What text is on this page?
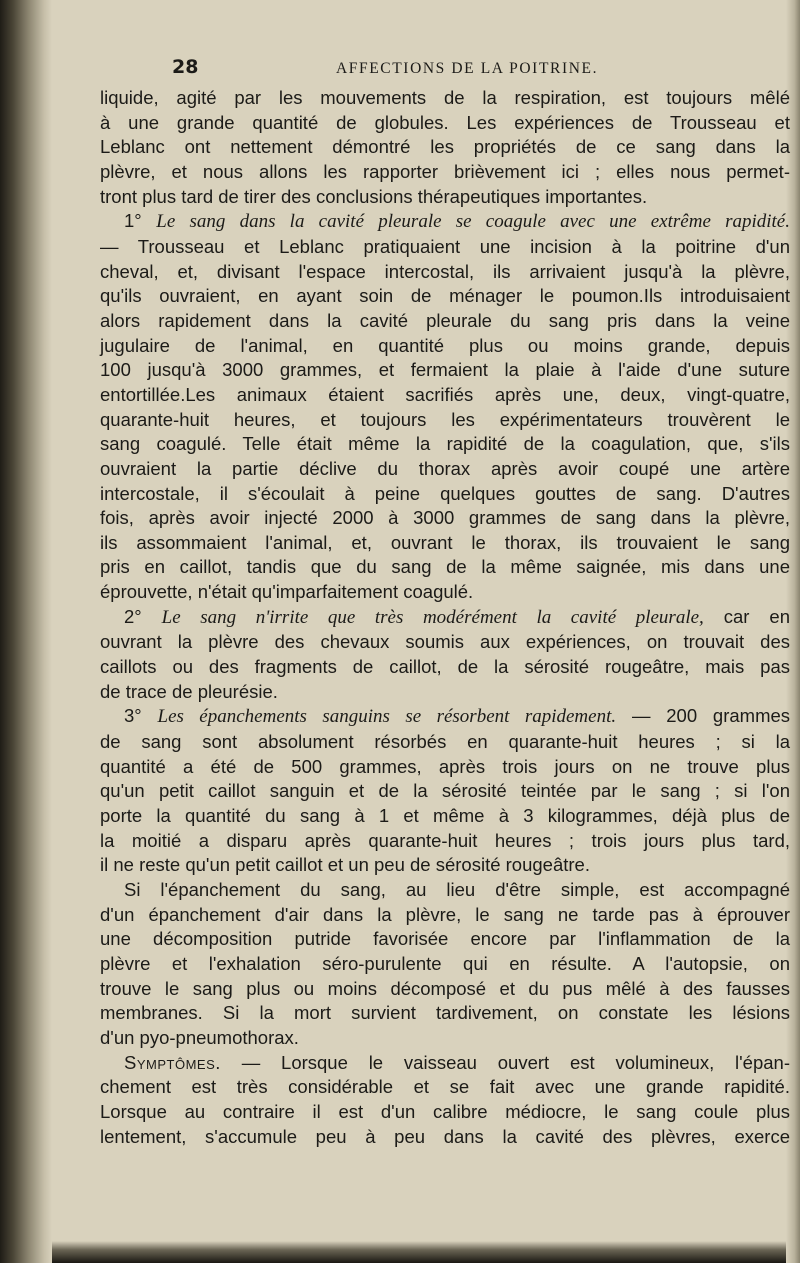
28	AFFECTIONS DE LA POITRINE.
liquide, agité par les mouvements de la respiration, est toujours mêlé
à une grande quantité de globules. Les expériences de Trousseau et
Leblanc ont nettement démontré les propriétés de ce sang dans la
plèvre, et nous allons les rapporter brièvement ici ; elles nous permet-
tront plus tard de tirer des conclusions thérapeutiques importantes.
1° Le sang dans la cavité pleurale se coagule avec une extrême rapidité.
— Trousseau et Leblanc pratiquaient une incision à la poitrine d'un
cheval, et, divisant l'espace intercostal, ils arrivaient jusqu'à la plèvre,
qu'ils ouvraient, en ayant soin de ménager le poumon.Ils introduisaient
alors rapidement dans la cavité pleurale du sang pris dans la veine
jugulaire de l'animal, en quantité plus ou moins grande, depuis
100 jusqu'à 3000 grammes, et fermaient la plaie à l'aide d'une suture
entortillée.Les animaux étaient sacrifiés après une, deux, vingt-quatre,
quarante-huit heures, et toujours les expérimentateurs trouvèrent le
sang coagulé. Telle était même la rapidité de la coagulation, que, s'ils
ouvraient la partie déclive du thorax après avoir coupé une artère
intercostale, il s'écoulait à peine quelques gouttes de sang. D'autres
fois, après avoir injecté 2000 à 3000 grammes de sang dans la plèvre,
ils assommaient l'animal, et, ouvrant le thorax, ils trouvaient le sang
pris en caillot, tandis que du sang de la même saignée, mis dans une
éprouvette, n'était qu'imparfaitement coagulé.
2° Le sang n'irrite que très modérément la cavité pleurale, car en
ouvrant la plèvre des chevaux soumis aux expériences, on trouvait des
caillots ou des fragments de caillot, de la sérosité rougeâtre, mais pas
de trace de pleurésie.
3° Les épanchements sanguins se résorbent rapidement. — 200 grammes
de sang sont absolument résorbés en quarante-huit heures ; si la
quantité a été de 500 grammes, après trois jours on ne trouve plus
qu'un petit caillot sanguin et de la sérosité teintée par le sang ; si l'on
porte la quantité du sang à 1 et même à 3 kilogrammes, déjà plus de
la moitié a disparu après quarante-huit heures ; trois jours plus tard,
il ne reste qu'un petit caillot et un peu de sérosité rougeâtre.
Si l'épanchement du sang, au lieu d'être simple, est accompagné
d'un épanchement d'air dans la plèvre, le sang ne tarde pas à éprouver
une décomposition putride favorisée encore par l'inflammation de la
plèvre et l'exhalation séro-purulente qui en résulte. A l'autopsie, on
trouve le sang plus ou moins décomposé et du pus mêlé à des fausses
membranes. Si la mort survient tardivement, on constate les lésions
d'un pyo-pneumothorax.
Symptômes. — Lorsque le vaisseau ouvert est volumineux, l'épan-
chement est très considérable et se fait avec une grande rapidité.
Lorsque au contraire il est d'un calibre médiocre, le sang coule plus
lentement, s'accumule peu à peu dans la cavité des plèvres, exerce
